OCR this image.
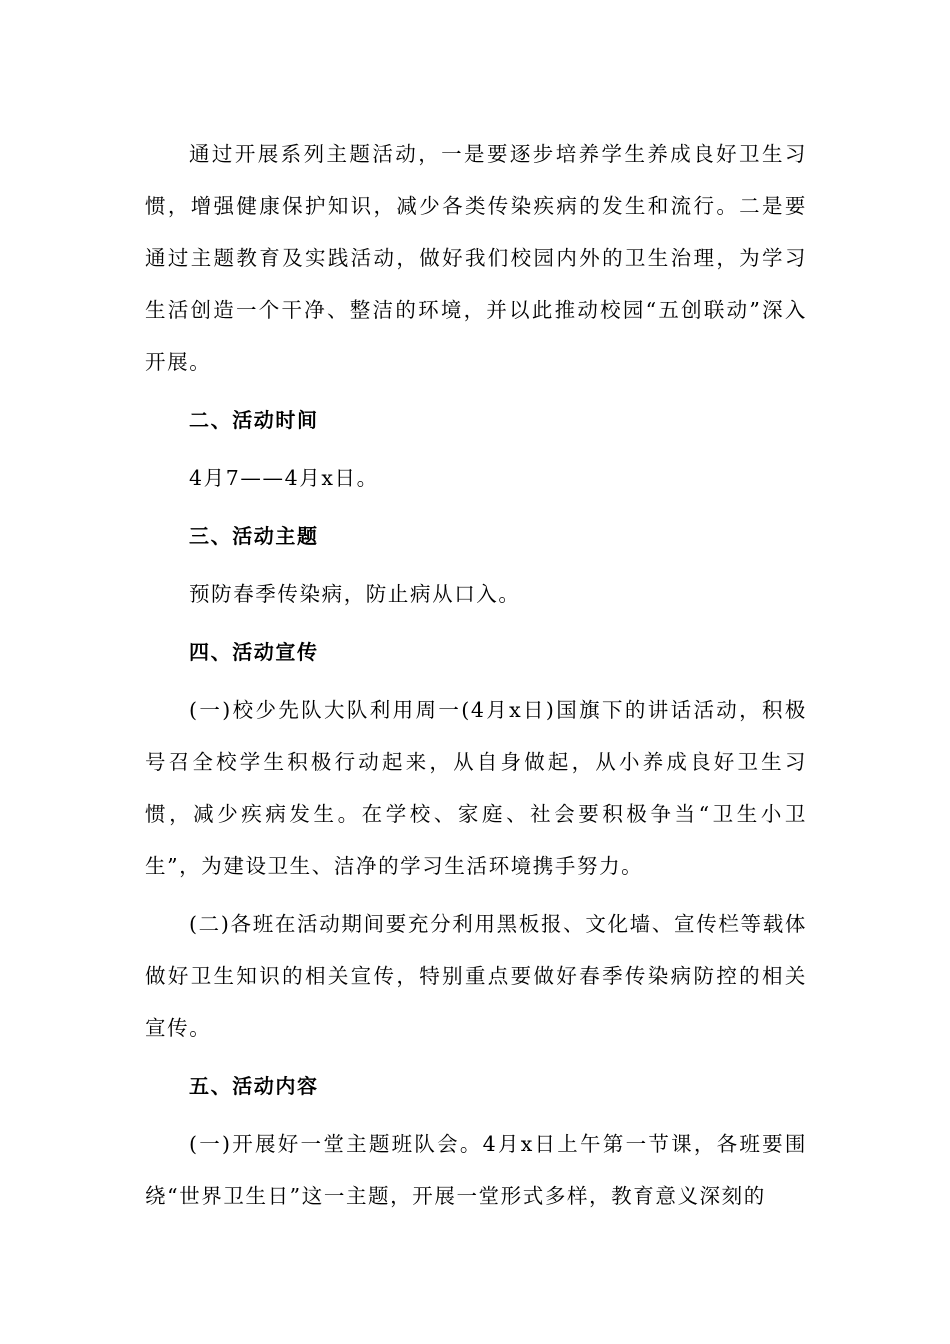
通过开展系列主题活动，一是要逐步培养学生养成良好卫生习惯，增强健康保护知识，减少各类传染疾病的发生和流行。二是要通过主题教育及实践活动，做好我们校园内外的卫生治理，为学习生活创造一个干净、整洁的环境，并以此推动校园“五创联动”深入开展。

二、活动时间

4月7——4月x日。

三、活动主题

预防春季传染病，防止病从口入。

四、活动宣传

(一)校少先队大队利用周一(4月x日)国旗下的讲话活动，积极号召全校学生积极行动起来，从自身做起，从小养成良好卫生习惯，减少疾病发生。在学校、家庭、社会要积极争当“卫生小卫生”，为建设卫生、洁净的学习生活环境携手努力。

(二)各班在活动期间要充分利用黑板报、文化墙、宣传栏等载体做好卫生知识的相关宣传，特别重点要做好春季传染病防控的相关宣传。

五、活动内容

(一)开展好一堂主题班队会。4月x日上午第一节课，各班要围绕“世界卫生日”这一主题，开展一堂形式多样，教育意义深刻的
